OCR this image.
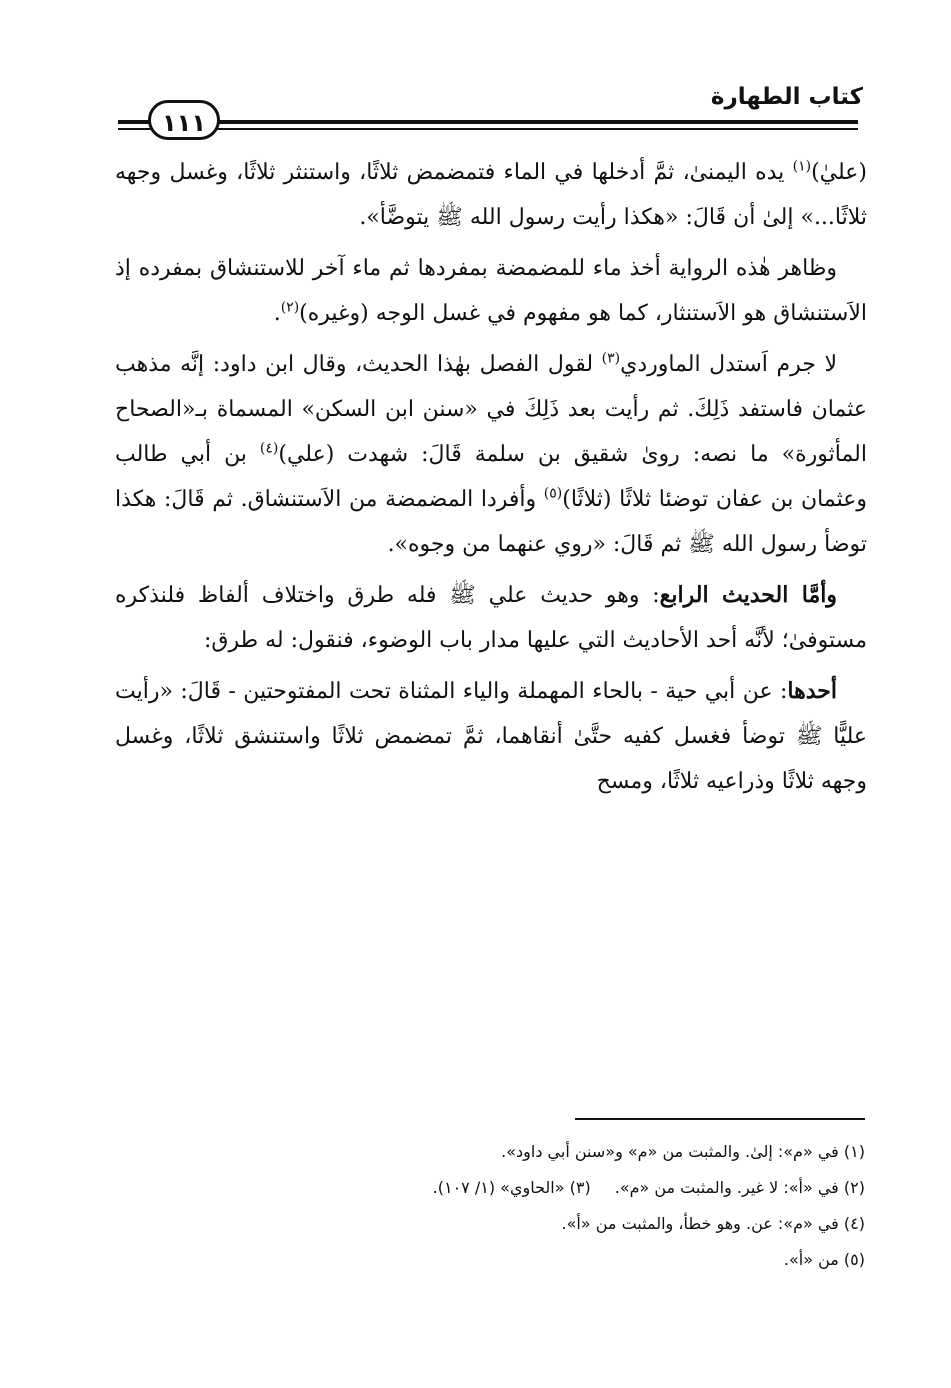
كتاب الطهارة
١١١

(عليٰ)$^{(١)}$ يده اليمنىٰ، ثمَّ أدخلها في الماء فتمضمض ثلاثًا، واستنثر ثلاثًا، وغسل وجهه ثلاثًا...» إلىٰ أن قَالَ: «هكذا رأيت رسول الله ﷺ يتوضَّأ».

وظاهر هٰذه الرواية أخذ ماء للمضمضة بمفردها ثم ماء آخر للاستنشاق بمفرده إذ الاَستنشاق هو الاَستنثار، كما هو مفهوم في غسل الوجه (وغيره)$^{(٢)}$.

لا جرم اَستدل الماوردي$^{(٣)}$ لقول الفصل بهٰذا الحديث، وقال ابن داود: إنَّه مذهب عثمان فاستفد ذَلِكَ. ثم رأيت بعد ذَلِكَ في «سنن ابن السكن» المسماة بـ«الصحاح المأثورة» ما نصه: رویٰ شقيق بن سلمة قَالَ: شهدت (علي)$^{(٤)}$ بن أبي طالب وعثمان بن عفان توضئا ثلاثًا (ثلاثًا)$^{(٥)}$ وأفردا المضمضة من الاَستنشاق. ثم قَالَ: هكذا توضأ رسول الله ﷺ ثم قَالَ: «روي عنهما من وجوه».

وأمَّا الحديث الرابع: وهو حديث علي ﷺ فله طرق واختلاف ألفاظ فلنذكره مستوفىٰ؛ لأنَّه أحد الأحاديث التي عليها مدار باب الوضوء، فنقول: له طرق:

أحدها: عن أبي حية - بالحاء المهملة والياء المثناة تحت المفتوحتين - قَالَ: «رأيت عليًّا ﷺ توضأ فغسل كفيه حتَّىٰ أنقاهما، ثمَّ تمضمض ثلاثًا واستنشق ثلاثًا، وغسل وجهه ثلاثًا وذراعيه ثلاثًا، ومسح

(١) في «م»: إلىٰ. والمثبت من «م» و«سنن أبي داود».
(٢) في «أ»: لا غير. والمثبت من «م».(٣) «الحاوي» (١/ ١٠٧).
(٤) في «م»: عن. وهو خطأ، والمثبت من «أ».
(٥) من «أ».
